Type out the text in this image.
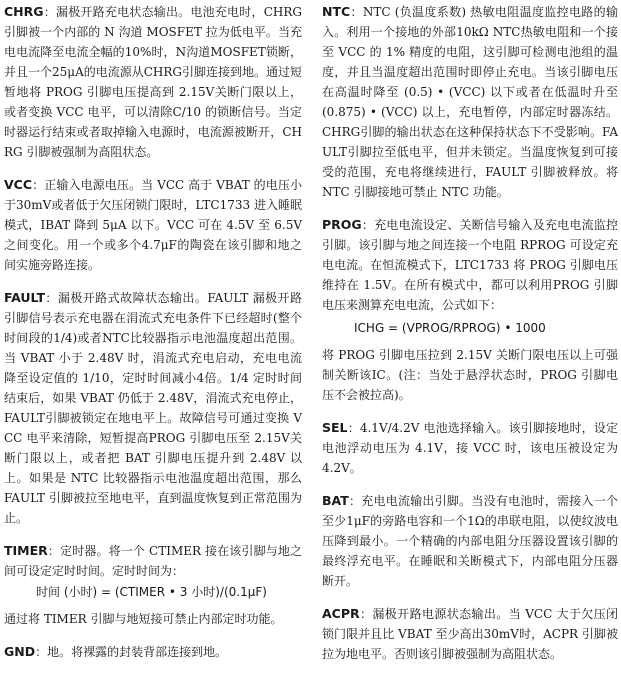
CHRG：漏极开路充电状态输出。电池充电时，CHRG 引脚被一个内部的 N 沟道 MOSFET 拉为低电平。当充电电流降至电流全幅的10%时，N沟道MOSFET锁断，并且一个25μA的电流源从CHRG引脚连接到地。通过短暂地将 PROG 引脚电压提高到 2.15V关断门限以上，或者变换 VCC 电平，可以清除C/10 的锁断信号。当定时器运行结束或者取掉输入电源时，电流源被断开，CHRG 引脚被强制为高阻状态。

VCC：正输入电源电压。当 VCC 高于 VBAT 的电压小于30mV或者低于欠压闭锁门限时，LTC1733 进入睡眠模式，IBAT 降到 5μA 以下。VCC 可在 4.5V 至 6.5V 之间变化。用一个或多个4.7μF的陶瓷在该引脚和地之间实施旁路连接。

FAULT：漏极开路式故障状态输出。FAULT 漏极开路引脚信号表示充电器在涓流式充电条件下已经超时(整个时间段的1/4)或者NTC比较器指示电池温度超出范围。当 VBAT 小于 2.48V 时，涓流式充电启动，充电电流降至设定值的 1/10，定时时间减小4倍。1/4 定时时间结束后，如果 VBAT 仍低于 2.48V，涓流式充电停止，FAULT引脚被锁定在地电平上。故障信号可通过变换 VCC 电平来清除，短暂提高PROG 引脚电压至 2.15V关断门限以上，或者把 BAT 引脚电压提升到 2.48V 以上。如果是 NTC 比较器指示电池温度超出范围，那么 FAULT 引脚被拉至地电平，直到温度恢复到正常范围为止。

TIMER：定时器。将一个 CTIMER 接在该引脚与地之间可设定定时时间。定时时间为：

时间 (小时) = (CTIMER • 3 小时)/(0.1μF)

通过将 TIMER 引脚与地短接可禁止内部定时功能。

GND：地。将裸露的封装背部连接到地。

NTC：NTC (负温度系数) 热敏电阻温度监控电路的输入。利用一个接地的外部10kΩ NTC热敏电阻和一个接至 VCC 的 1% 精度的电阻，这引脚可检测电池组的温度，并且当温度超出范围时即停止充电。当该引脚电压在高温时降至 (0.5) • (VCC) 以下或者在低温时升至 (0.875) • (VCC) 以上，充电暂停，内部定时器冻结。CHRG引脚的输出状态在这种保持状态下不受影响。FAULT引脚拉至低电平，但并未锁定。当温度恢复到可接受的范围，充电将继续进行，FAULT 引脚被释放。将 NTC 引脚接地可禁止 NTC 功能。

PROG：充电电流设定、关断信号输入及充电电流监控引脚。该引脚与地之间连接一个电阻 RPROG 可设定充电电流。在恒流模式下，LTC1733 将 PROG 引脚电压维持在 1.5V。在所有模式中，都可以利用PROG 引脚电压来测算充电电流，公式如下：

ICHG = (VPROG/RPROG) • 1000

将 PROG 引脚电压拉到 2.15V 关断门限电压以上可强制关断该IC。(注：当处于悬浮状态时，PROG 引脚电压不会被拉高)。

SEL：4.1V/4.2V 电池选择输入。该引脚接地时，设定电池浮动电压为 4.1V，接 VCC 时，该电压被设定为 4.2V。

BAT：充电电流输出引脚。当没有电池时，需接入一个至少1μF的旁路电容和一个1Ω的串联电阻，以使纹波电压降到最小。一个精确的内部电阻分压器设置该引脚的最终浮充电平。在睡眠和关断模式下，内部电阻分压器断开。

ACPR：漏极开路电源状态输出。当 VCC 大于欠压闭锁门限并且比 VBAT 至少高出30mV时，ACPR 引脚被拉为地电平。否则该引脚被强制为高阻状态。
